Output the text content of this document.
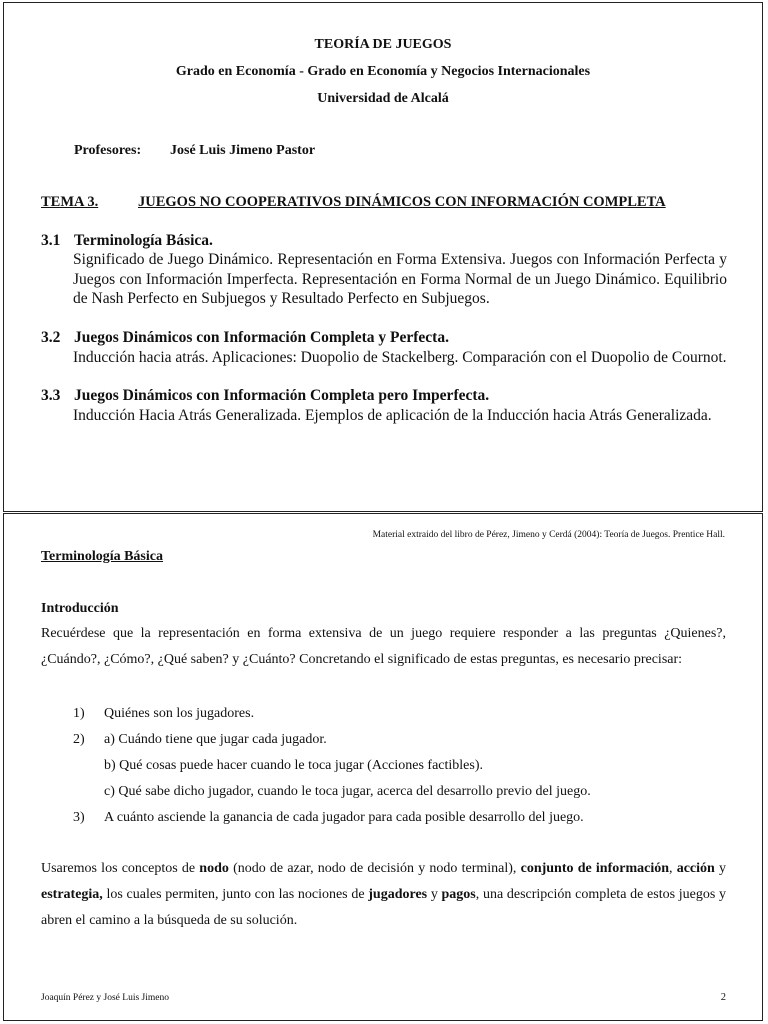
TEORÍA DE JUEGOS
Grado en Economía - Grado en Economía y Negocios Internacionales
Universidad de Alcalá
Profesores: José Luis Jimeno Pastor
TEMA 3.	JUEGOS NO COOPERATIVOS DINÁMICOS CON INFORMACIÓN COMPLETA
3.1 Terminología Básica.
Significado de Juego Dinámico. Representación en Forma Extensiva. Juegos con Información Perfecta y Juegos con Información Imperfecta. Representación en Forma Normal de un Juego Dinámico. Equilibrio de Nash Perfecto en Subjuegos y Resultado Perfecto en Subjuegos.
3.2 Juegos Dinámicos con Información Completa y Perfecta.
Inducción hacia atrás. Aplicaciones: Duopolio de Stackelberg. Comparación con el Duopolio de Cournot.
3.3 Juegos Dinámicos con Información Completa pero Imperfecta.
Inducción Hacia Atrás Generalizada. Ejemplos de aplicación de la Inducción hacia Atrás Generalizada.
Material extraido del libro de Pérez, Jimeno y Cerdá (2004): Teoría de Juegos. Prentice Hall.
Terminología Básica
Introducción
Recuérdese que la representación en forma extensiva de un juego requiere responder a las preguntas ¿Quienes?, ¿Cuándo?, ¿Cómo?, ¿Qué saben? y ¿Cuánto? Concretando el significado de estas preguntas, es necesario precisar:
1) Quiénes son los jugadores.
2) a) Cuándo tiene que jugar cada jugador.
b) Qué cosas puede hacer cuando le toca jugar (Acciones factibles).
c) Qué sabe dicho jugador, cuando le toca jugar, acerca del desarrollo previo del juego.
3) A cuánto asciende la ganancia de cada jugador para cada posible desarrollo del juego.
Usaremos los conceptos de nodo (nodo de azar, nodo de decisión y nodo terminal), conjunto de información, acción y estrategia, los cuales permiten, junto con las nociones de jugadores y pagos, una descripción completa de estos juegos y abren el camino a la búsqueda de su solución.
Joaquín Pérez y José Luis Jimeno	2
